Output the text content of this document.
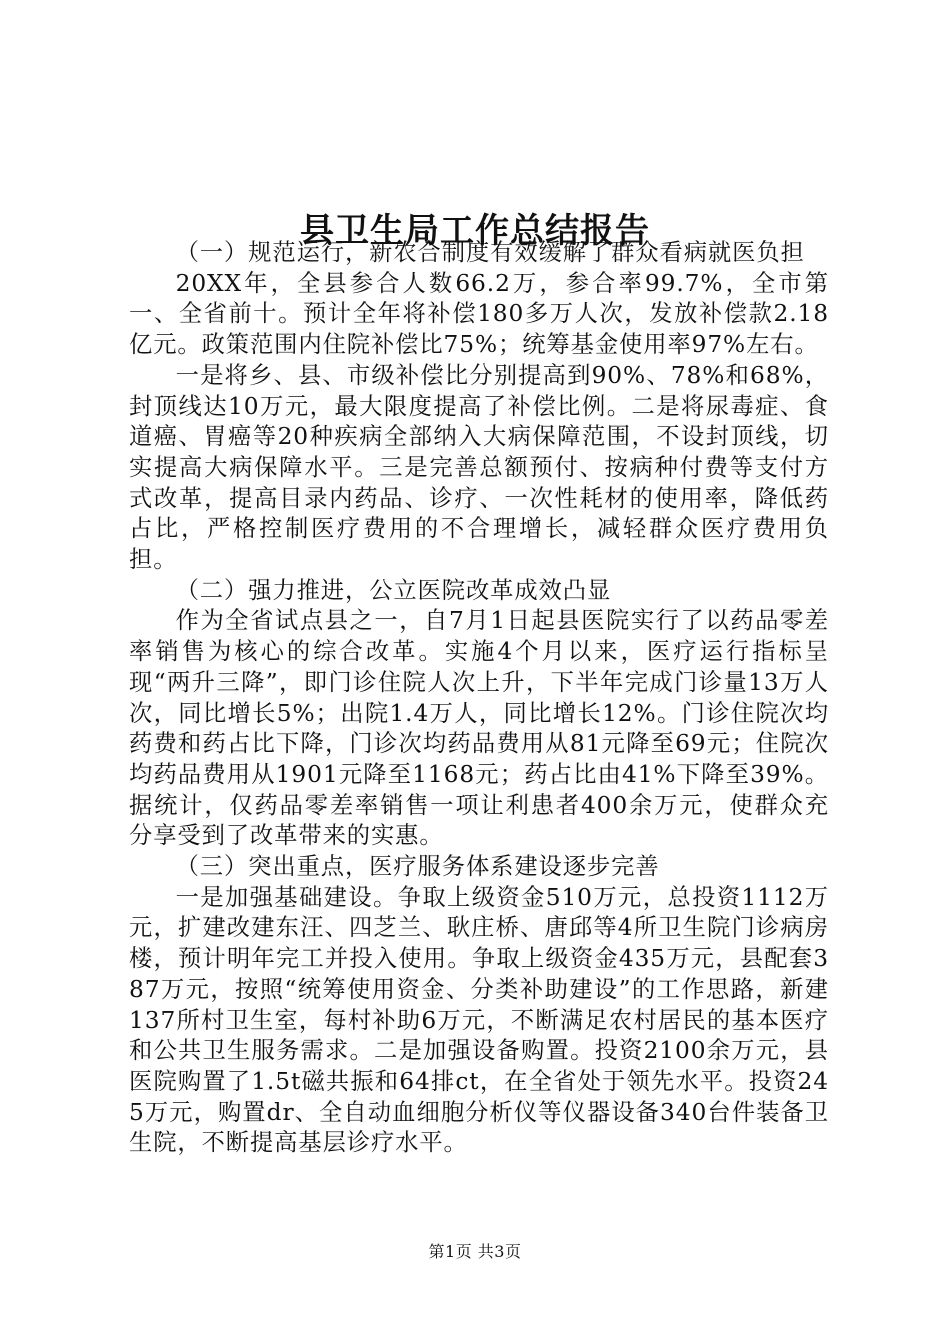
县卫生局工作总结报告

（一）规范运行，新农合制度有效缓解了群众看病就医负担

20XX年，全县参合人数66.2万，参合率99.7%，全市第一、全省前十。预计全年将补偿180多万人次，发放补偿款2.18亿元。政策范围内住院补偿比75%；统筹基金使用率97%左右。

一是将乡、县、市级补偿比分别提高到90%、78%和68%，封顶线达10万元，最大限度提高了补偿比例。二是将尿毒症、食道癌、胃癌等20种疾病全部纳入大病保障范围，不设封顶线，切实提高大病保障水平。三是完善总额预付、按病种付费等支付方式改革，提高目录内药品、诊疗、一次性耗材的使用率，降低药占比，严格控制医疗费用的不合理增长，减轻群众医疗费用负担。

（二）强力推进，公立医院改革成效凸显

作为全省试点县之一，自7月1日起县医院实行了以药品零差率销售为核心的综合改革。实施4个月以来，医疗运行指标呈现“两升三降”，即门诊住院人次上升，下半年完成门诊量13万人次，同比增长5%；出院1.4万人，同比增长12%。门诊住院次均药费和药占比下降，门诊次均药品费用从81元降至69元；住院次均药品费用从1901元降至1168元；药占比由41%下降至39%。据统计，仅药品零差率销售一项让利患者400余万元，使群众充分享受到了改革带来的实惠。

（三）突出重点，医疗服务体系建设逐步完善

一是加强基础建设。争取上级资金510万元，总投资1112万元，扩建改建东汪、四芝兰、耿庄桥、唐邱等4所卫生院门诊病房楼，预计明年完工并投入使用。争取上级资金435万元，县配套387万元，按照“统筹使用资金、分类补助建设”的工作思路，新建137所村卫生室，每村补助6万元，不断满足农村居民的基本医疗和公共卫生服务需求。二是加强设备购置。投资2100余万元，县医院购置了1.5t磁共振和64排ct，在全省处于领先水平。投资245万元，购置dr、全自动血细胞分析仪等仪器设备340台件装备卫生院，不断提高基层诊疗水平。

第1页 共3页
